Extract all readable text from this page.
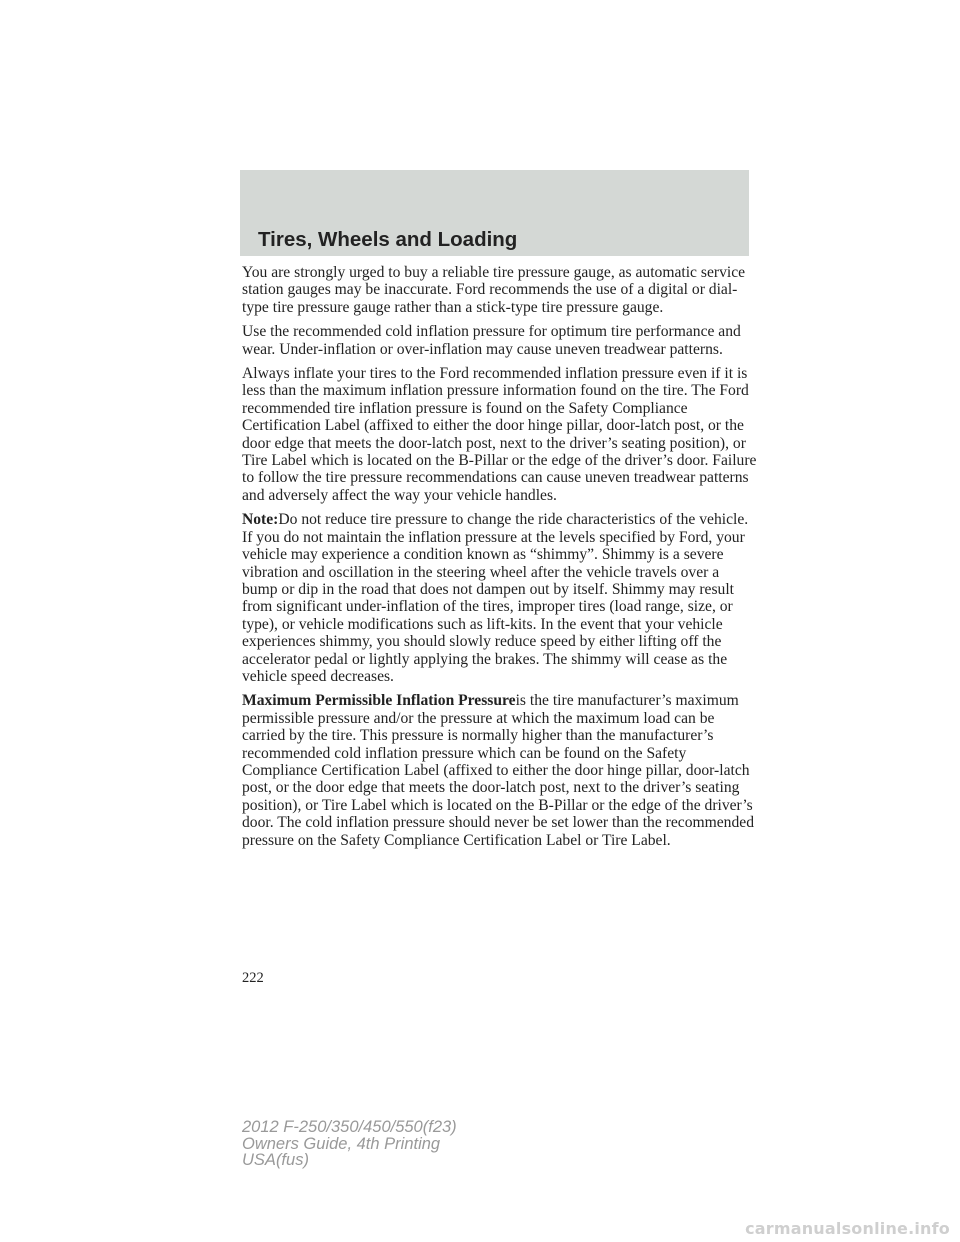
Tires, Wheels and Loading

You are strongly urged to buy a reliable tire pressure gauge, as automatic service station gauges may be inaccurate. Ford recommends the use of a digital or dial-type tire pressure gauge rather than a stick-type tire pressure gauge.

Use the recommended cold inflation pressure for optimum tire performance and wear. Under-inflation or over-inflation may cause uneven treadwear patterns.

Always inflate your tires to the Ford recommended inflation pressure even if it is less than the maximum inflation pressure information found on the tire. The Ford recommended tire inflation pressure is found on the Safety Compliance Certification Label (affixed to either the door hinge pillar, door-latch post, or the door edge that meets the door-latch post, next to the driver’s seating position), or Tire Label which is located on the B-Pillar or the edge of the driver’s door. Failure to follow the tire pressure recommendations can cause uneven treadwear patterns and adversely affect the way your vehicle handles.

Note:Do not reduce tire pressure to change the ride characteristics of the vehicle. If you do not maintain the inflation pressure at the levels specified by Ford, your vehicle may experience a condition known as “shimmy”. Shimmy is a severe vibration and oscillation in the steering wheel after the vehicle travels over a bump or dip in the road that does not dampen out by itself. Shimmy may result from significant under-inflation of the tires, improper tires (load range, size, or type), or vehicle modifications such as lift-kits. In the event that your vehicle experiences shimmy, you should slowly reduce speed by either lifting off the accelerator pedal or lightly applying the brakes. The shimmy will cease as the vehicle speed decreases.

Maximum Permissible Inflation Pressureis the tire manufacturer’s maximum permissible pressure and/or the pressure at which the maximum load can be carried by the tire. This pressure is normally higher than the manufacturer’s recommended cold inflation pressure which can be found on the Safety Compliance Certification Label (affixed to either the door hinge pillar, door-latch post, or the door edge that meets the door-latch post, next to the driver’s seating position), or Tire Label which is located on the B-Pillar or the edge of the driver’s door. The cold inflation pressure should never be set lower than the recommended pressure on the Safety Compliance Certification Label or Tire Label.

222
2012 F-250/350/450/550(f23)
Owners Guide, 4th Printing
USA(fus)
carmanualsonline.info
